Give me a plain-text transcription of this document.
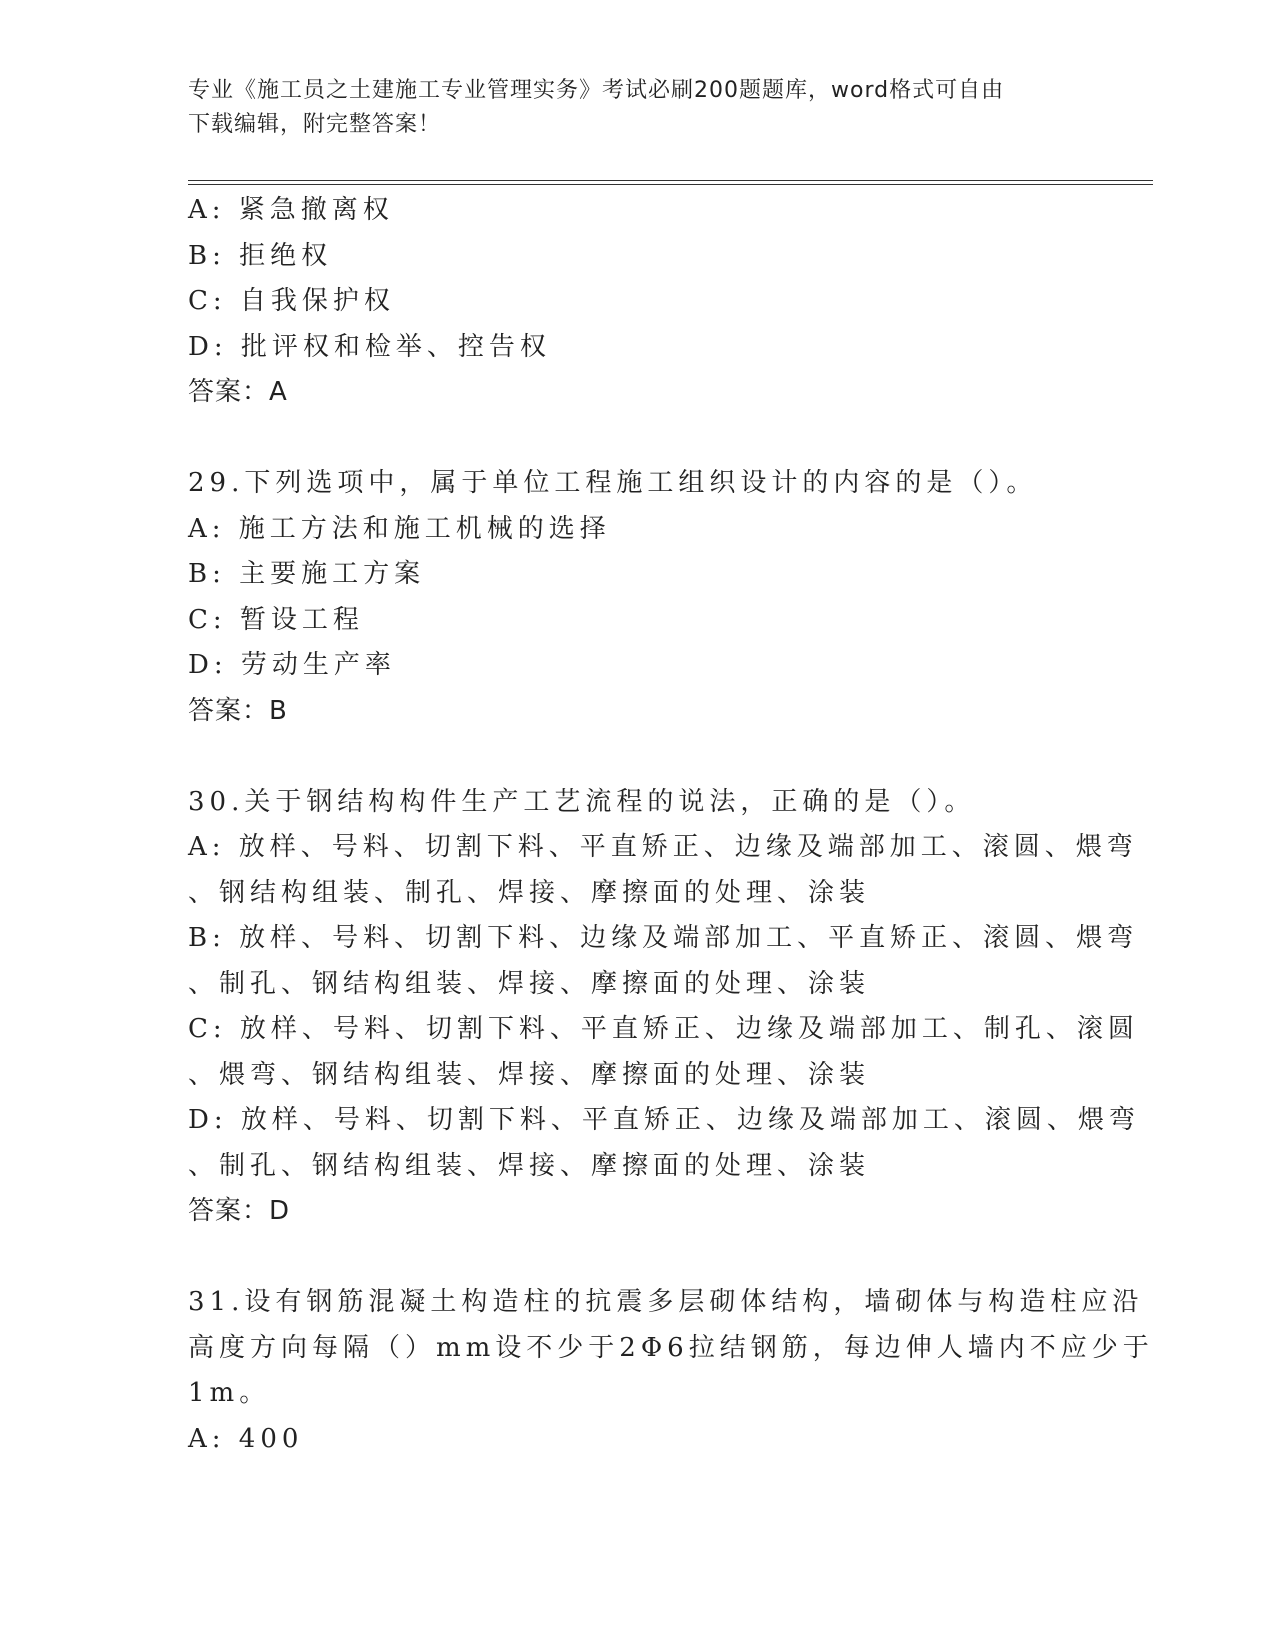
专业《施工员之土建施工专业管理实务》考试必刷200题题库，word格式可自由
下载编辑，附完整答案！
A: 紧急撤离权
B: 拒绝权
C: 自我保护权
D: 批评权和检举、控告权
答案：A
29.下列选项中，属于单位工程施工组织设计的内容的是（）。
A: 施工方法和施工机械的选择
B: 主要施工方案
C: 暂设工程
D: 劳动生产率
答案：B
30.关于钢结构构件生产工艺流程的说法，正确的是（）。
A: 放样、号料、切割下料、平直矫正、边缘及端部加工、滚圆、煨弯
、钢结构组装、制孔、焊接、摩擦面的处理、涂装
B: 放样、号料、切割下料、边缘及端部加工、平直矫正、滚圆、煨弯
、制孔、钢结构组装、焊接、摩擦面的处理、涂装
C: 放样、号料、切割下料、平直矫正、边缘及端部加工、制孔、滚圆
、煨弯、钢结构组装、焊接、摩擦面的处理、涂装
D: 放样、号料、切割下料、平直矫正、边缘及端部加工、滚圆、煨弯
、制孔、钢结构组装、焊接、摩擦面的处理、涂装
答案：D
31.设有钢筋混凝土构造柱的抗震多层砌体结构，墙砌体与构造柱应沿
高度方向每隔（）mm设不少于2Φ6拉结钢筋，每边伸人墙内不应少于
1m。
A: 400
